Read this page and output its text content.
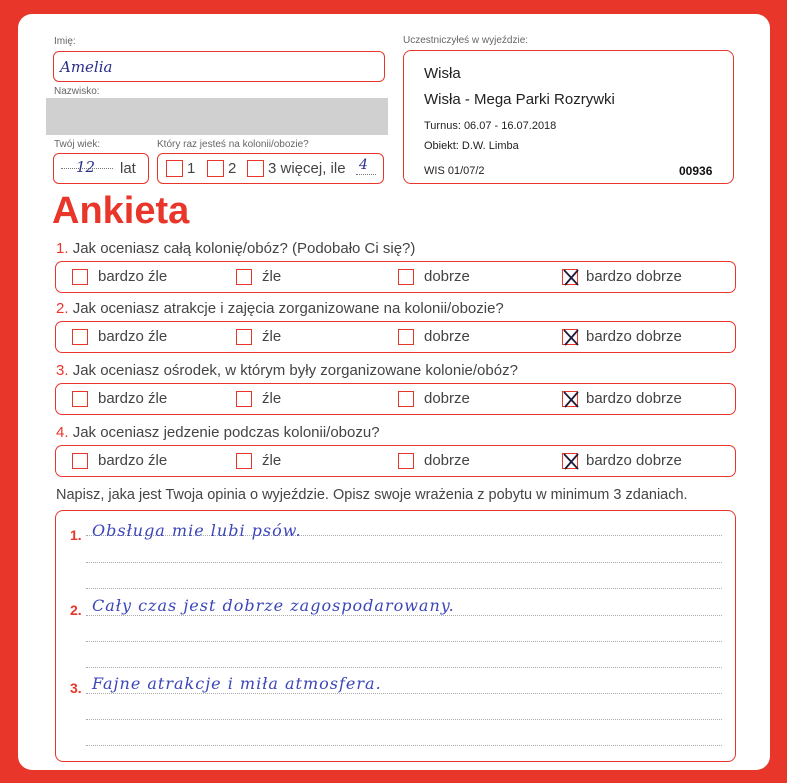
Imię:
Amelia
Nazwisko:
Twój wiek:
12 lat
Który raz jesteś na kolonii/obozie?
1 2 3 więcej, ile 4
Uczestniczyłeś w wyjeździe:
Wisła
Wisła - Mega Parki Rozrywki
Turnus: 06.07 - 16.07.2018
Obiekt: D.W. Limba
WIS 01/07/2	00936
Ankieta
1. Jak oceniasz całą kolonię/obóz? (Podobało Ci się?)
bardzo źle	źle	dobrze	bardzo dobrze
2. Jak oceniasz atrakcje i zajęcia zorganizowane na kolonii/obozie?
bardzo źle	źle	dobrze	bardzo dobrze
3. Jak oceniasz ośrodek, w którym były zorganizowane kolonie/obóz?
bardzo źle	źle	dobrze	bardzo dobrze
4. Jak oceniasz jedzenie podczas kolonii/obozu?
bardzo źle	źle	dobrze	bardzo dobrze
Napisz, jaka jest Twoja opinia o wyjeździe. Opisz swoje wrażenia z pobytu w minimum 3 zdaniach.
1. Obsługa mie lubi psów.
2. Cały czas jest dobrze zagospodarowany.
3. Fajne atrakcje i miła atmosfera.
